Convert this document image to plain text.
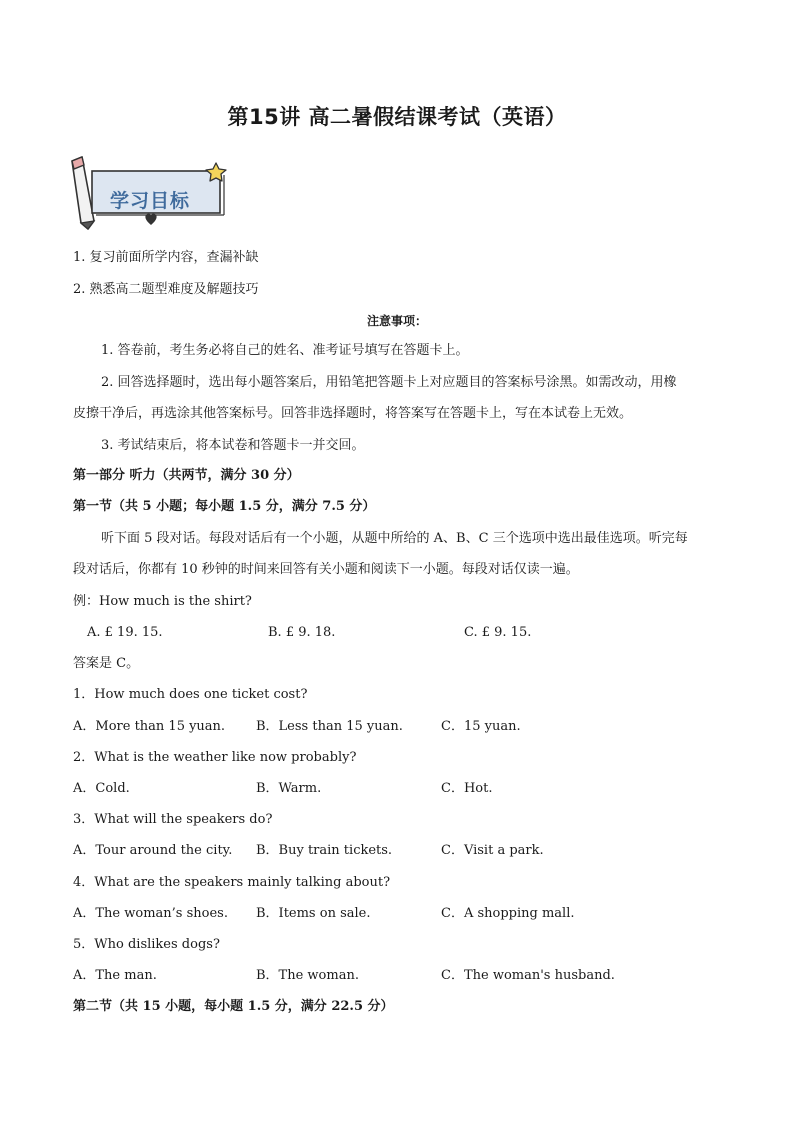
第15讲 高二暑假结课考试（英语）
学习目标
1. 复习前面所学内容，查漏补缺
2. 熟悉高二题型难度及解题技巧
注意事项：
1. 答卷前，考生务必将自己的姓名、准考证号填写在答题卡上。
2. 回答选择题时，选出每小题答案后，用铅笔把答题卡上对应题目的答案标号涂黑。如需改动，用橡
皮擦干净后，再选涂其他答案标号。回答非选择题时，将答案写在答题卡上，写在本试卷上无效。
3. 考试结束后，将本试卷和答题卡一并交回。
第一部分 听力（共两节，满分 30 分）
第一节（共 5 小题；每小题 1.5 分，满分 7.5 分）
听下面 5 段对话。每段对话后有一个小题，从题中所给的 A、B、C 三个选项中选出最佳选项。听完每
段对话后，你都有 10 秒钟的时间来回答有关小题和阅读下一小题。每段对话仅读一遍。
例：How much is the shirt?
A. £ 19. 15.	B. £ 9. 18.	C. £ 9. 15.
答案是 C。
1．How much does one ticket cost?
A．More than 15 yuan. B．Less than 15 yuan.	C．15 yuan.
2．What is the weather like now probably?
A．Cold.	B．Warm.	C．Hot.
3．What will the speakers do?
A．Tour around the city. B．Buy train tickets.	C．Visit a park.
4．What are the speakers mainly talking about?
A．The woman’s shoes. B．Items on sale.	C．A shopping mall.
5．Who dislikes dogs?
A．The man.	B．The woman.	C．The woman's husband.
第二节（共 15 小题，每小题 1.5 分，满分 22.5 分）
